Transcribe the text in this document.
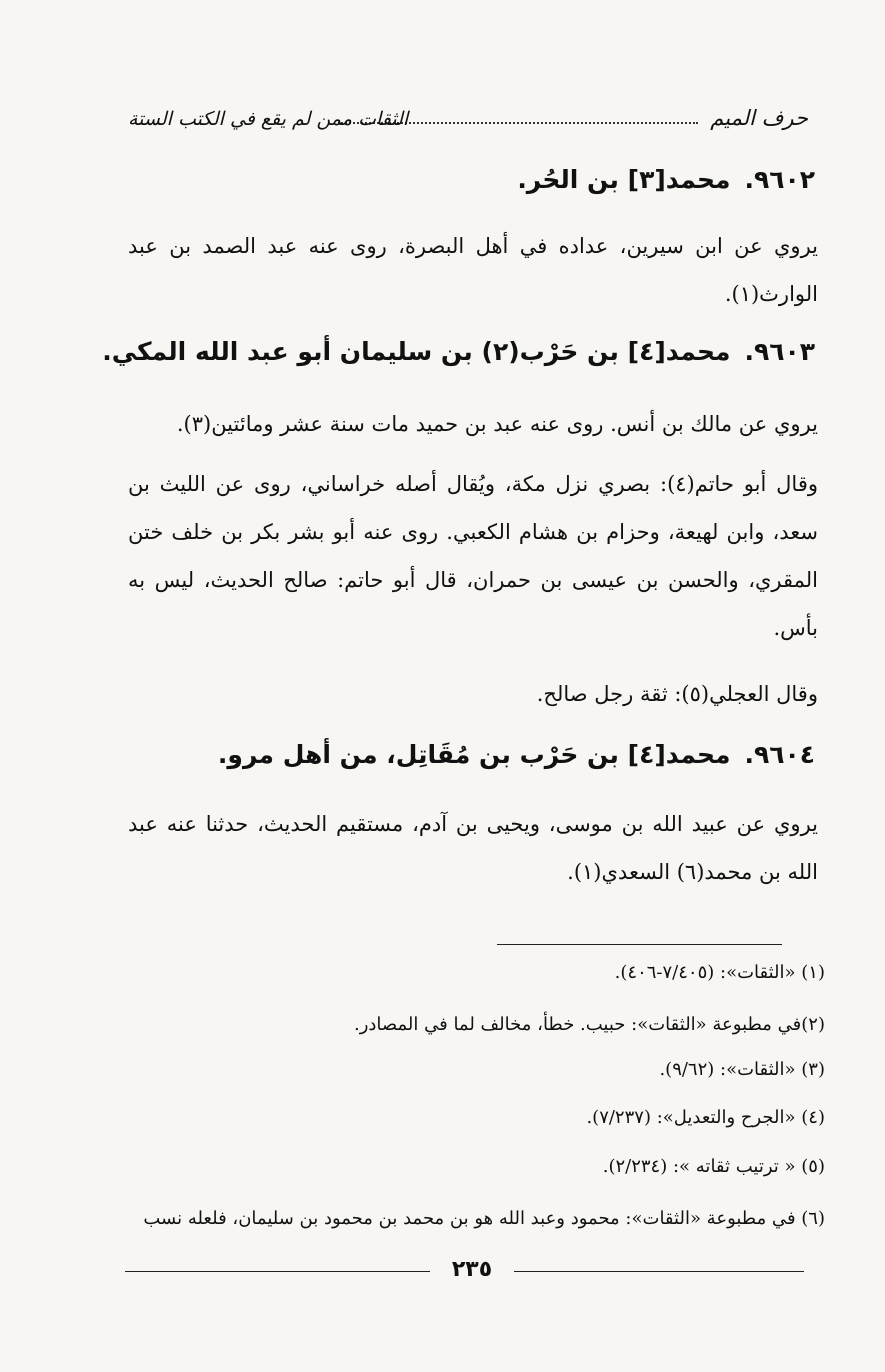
حرف الميم
الثقات ممن لم يقع في الكتب الستة
٩٦٠٢.محمد[٣] بن الحُر.
يروي عن ابن سيرين، عداده في أهل البصرة، روى عنه عبد الصمد بن عبد الوارث(١).
٩٦٠٣.محمد[٤] بن حَرْب(٢) بن سليمان أبو عبد الله المكي.
يروي عن مالك بن أنس. روى عنه عبد بن حميد مات سنة عشر ومائتين(٣).
وقال أبو حاتم(٤): بصري نزل مكة، ويُقال أصله خراساني، روى عن الليث بن سعد، وابن لهيعة، وحزام بن هشام الكعبي. روى عنه أبو بشر بكر بن خلف ختن المقري، والحسن بن عيسى بن حمران، قال أبو حاتم: صالح الحديث، ليس به بأس.
وقال العجلي(٥): ثقة رجل صالح.
٩٦٠٤.محمد[٤] بن حَرْب بن مُقَاتِل، من أهل مرو.
يروي عن عبيد الله بن موسى، ويحيى بن آدم، مستقيم الحديث، حدثنا عنه عبد الله بن محمد(٦) السعدي(١).
(١) «الثقات»: (٧/٤٠٥-٤٠٦).
(٢)في مطبوعة «الثقات»: حبيب. خطأ، مخالف لما في المصادر.
(٣) «الثقات»: (٩/٦٢).
(٤) «الجرح والتعديل»: (٧/٢٣٧).
(٥) « ترتيب ثقاته »: (٢/٢٣٤).
(٦) في مطبوعة «الثقات»: محمود وعبد الله هو بن محمد بن محمود بن سليمان، فلعله نسب
٢٣٥
